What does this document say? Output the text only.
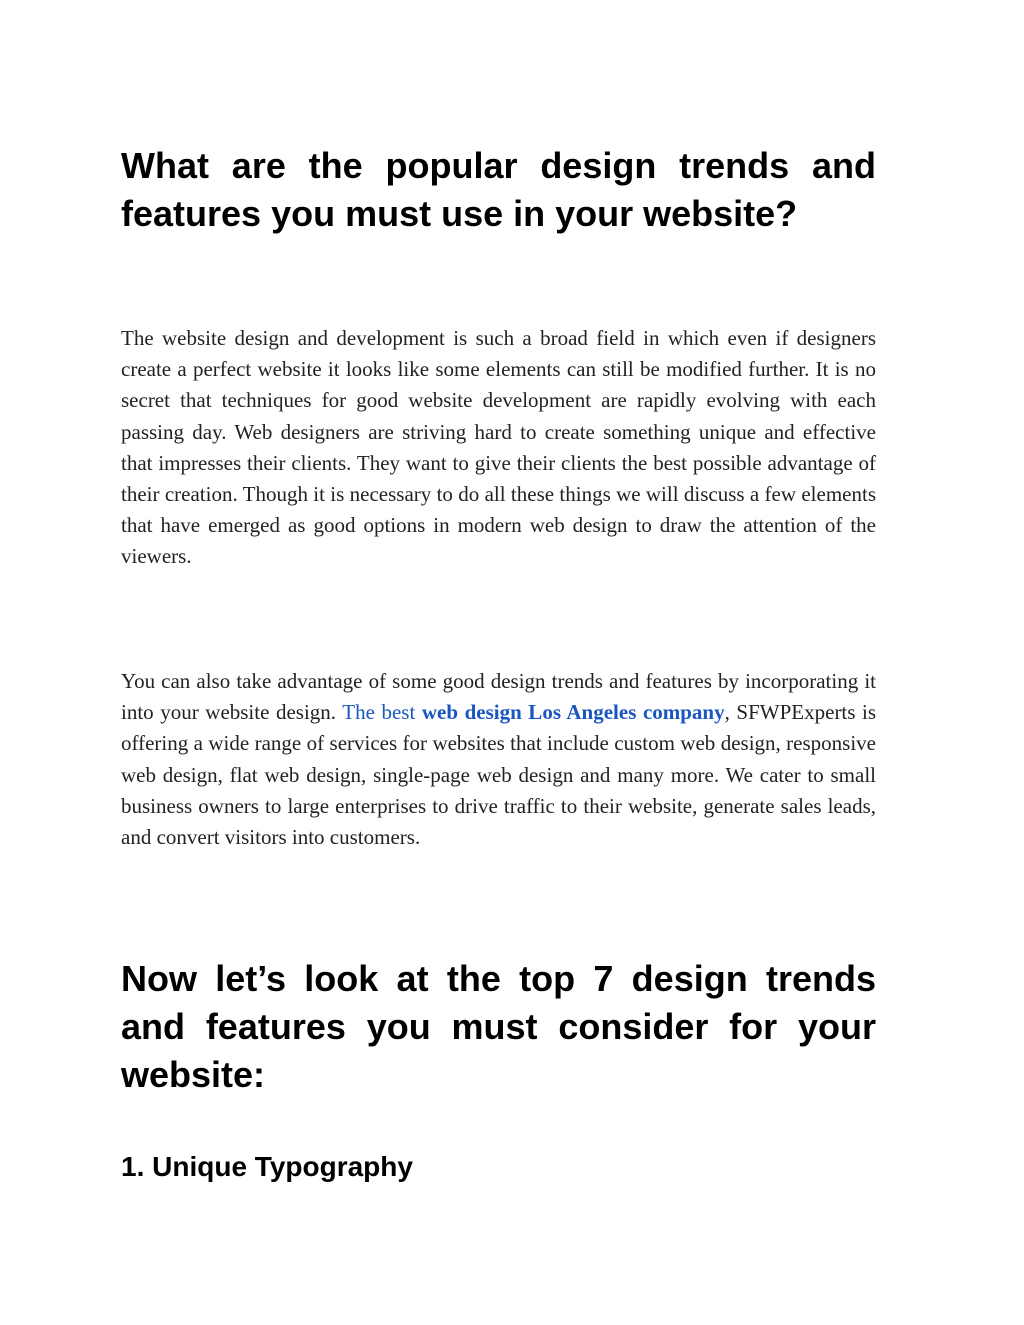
What are the popular design trends and features you must use in your website?

The website design and development is such a broad field in which even if designers create a perfect website it looks like some elements can still be modified further. It is no secret that techniques for good website development are rapidly evolving with each passing day. Web designers are striving hard to create something unique and effective that impresses their clients. They want to give their clients the best possible advantage of their creation. Though it is necessary to do all these things we will discuss a few elements that have emerged as good options in modern web design to draw the attention of the viewers.

You can also take advantage of some good design trends and features by incorporating it into your website design. The best web design Los Angeles company, SFWPExperts is offering a wide range of services for websites that include custom web design, responsive web design, flat web design, single-page web design and many more. We cater to small business owners to large enterprises to drive traffic to their website, generate sales leads, and convert visitors into customers.

Now let’s look at the top 7 design trends and features you must consider for your website:
1. Unique Typography
